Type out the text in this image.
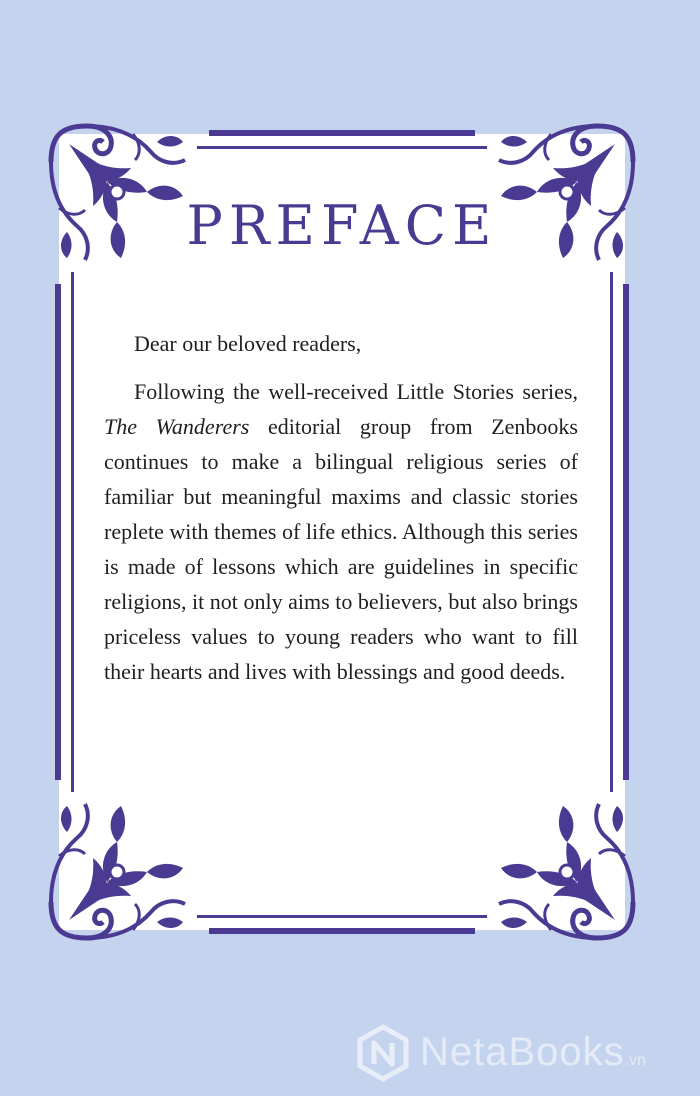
PREFACE

Dear our beloved readers,

Following the well-received Little Stories series, The Wanderers editorial group from Zenbooks continues to make a bilingual religious series of familiar but meaningful maxims and classic stories replete with themes of life ethics. Although this series is made of lessons which are guidelines in specific religions, it not only aims to believers, but also brings priceless values to young readers who want to fill their hearts and lives with blessings and good deeds.

NetaBooks.vn
